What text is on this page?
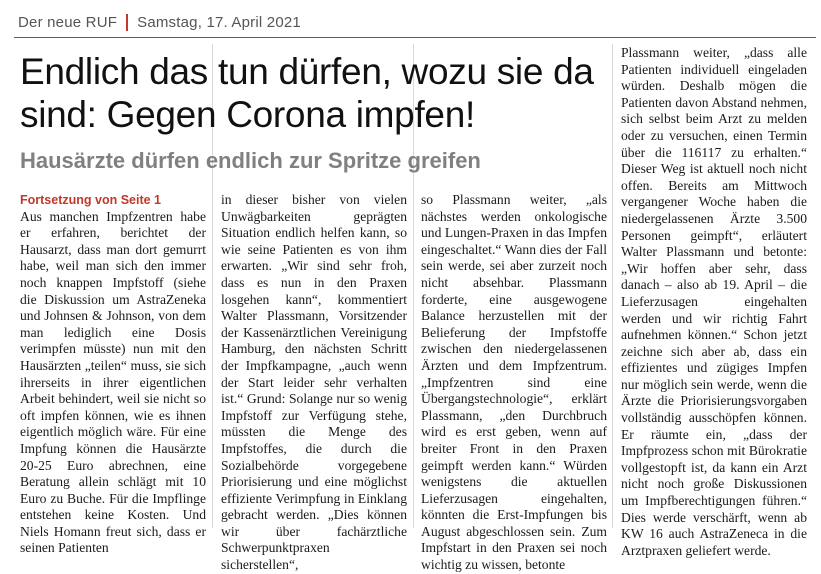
Der neue RUF Samstag, 17. April 2021
Endlich das tun dürfen, wozu sie da sind: Gegen Corona impfen!
Hausärzte dürfen endlich zur Spritze greifen
Fortsetzung von Seite 1

Aus manchen Impfzentren habe er erfahren, berichtet der Hausarzt, dass man dort gemurrt habe, weil man sich den immer noch knappen Impfstoff (siehe die Diskussion um AstraZeneka und Johnsen & Johnson, von dem man lediglich eine Dosis verimpfen müsste) nun mit den Hausärzten „teilen“ muss, sie sich ihrerseits in ihrer eigentlichen Arbeit behindert, weil sie nicht so oft impfen können, wie es ihnen eigentlich möglich wäre. Für eine Impfung können die Hausärzte 20-25 Euro abrechnen, eine Beratung allein schlägt mit 10 Euro zu Buche. Für die Impflinge entstehen keine Kosten. Und Niels Homann freut sich, dass er seinen Patienten

in dieser bisher von vielen Unwägbarkeiten geprägten Situation endlich helfen kann, so wie seine Patienten es von ihm erwarten. „Wir sind sehr froh, dass es nun in den Praxen losgehen kann“, kommentiert Walter Plassmann, Vorsitzender der Kassenärztlichen Vereinigung Hamburg, den nächsten Schritt der Impfkampagne, „auch wenn der Start leider sehr verhalten ist.“ Grund: Solange nur so wenig Impfstoff zur Verfügung stehe, müssten die Menge des Impfstoffes, die durch die Sozialbehörde vorgegebene Priorisierung und eine möglichst effiziente Verimpfung in Einklang gebracht werden. „Dies können wir über fachärztliche Schwerpunktpraxen sicherstellen“,

so Plassmann weiter, „als nächstes werden onkologische und Lungen-Praxen in das Impfen eingeschaltet.“ Wann dies der Fall sein werde, sei aber zurzeit noch nicht absehbar. Plassmann forderte, eine ausgewogene Balance herzustellen mit der Belieferung der Impfstoffe zwischen den niedergelassenen Ärzten und dem Impfzentrum. „Impfzentren sind eine Übergangstechnologie“, erklärt Plassmann, „den Durchbruch wird es erst geben, wenn auf breiter Front in den Praxen geimpft werden kann.“ Würden wenigstens die aktuellen Lieferzusagen eingehalten, könnten die Erst-Impfungen bis August abgeschlossen sein. Zum Impfstart in den Praxen sei noch wichtig zu wissen, betonte

Plassmann weiter, „dass alle Patienten individuell eingeladen würden. Deshalb mögen die Patienten davon Abstand nehmen, sich selbst beim Arzt zu melden oder zu versuchen, einen Termin über die 116117 zu erhalten.“ Dieser Weg ist aktuell noch nicht offen. Bereits am Mittwoch vergangener Woche haben die niedergelassenen Ärzte 3.500 Personen geimpft“, erläutert Walter Plassmann und betonte: „Wir hoffen aber sehr, dass danach – also ab 19. April – die Lieferzusagen eingehalten werden und wir richtig Fahrt aufnehmen können.“ Schon jetzt zeichne sich aber ab, dass ein effizientes und zügiges Impfen nur möglich sein werde, wenn die Ärzte die Priorisierungsvorgaben vollständig ausschöpfen können. Er räumte ein, „dass der Impfprozess schon mit Bürokratie vollgestopft ist, da kann ein Arzt nicht noch große Diskussionen um Impfberechtigungen führen.“ Dies werde verschärft, wenn ab KW 16 auch AstraZeneca in die Arztpraxen geliefert werde.
